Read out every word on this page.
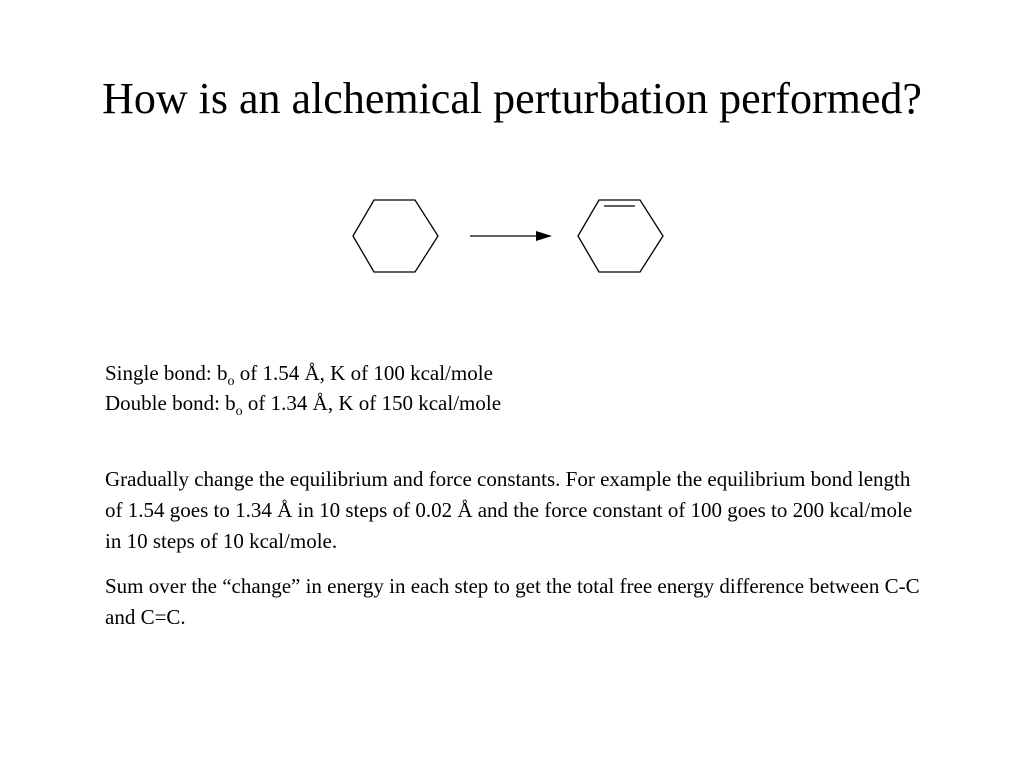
How is an alchemical perturbation performed?
Single bond: $b_o$ of 1.54 Å, K of 100 kcal/mole
Double bond: $b_o$ of 1.34 Å, K of 150 kcal/mole

Gradually change the equilibrium and force constants. For example the equilibrium bond length of 1.54 goes to 1.34 Å in 10 steps of 0.02 Å and the force constant of 100 goes to 200 kcal/mole in 10 steps of 10 kcal/mole.

Sum over the “change” in energy in each step to get the total free energy difference between C-C and C=C.
